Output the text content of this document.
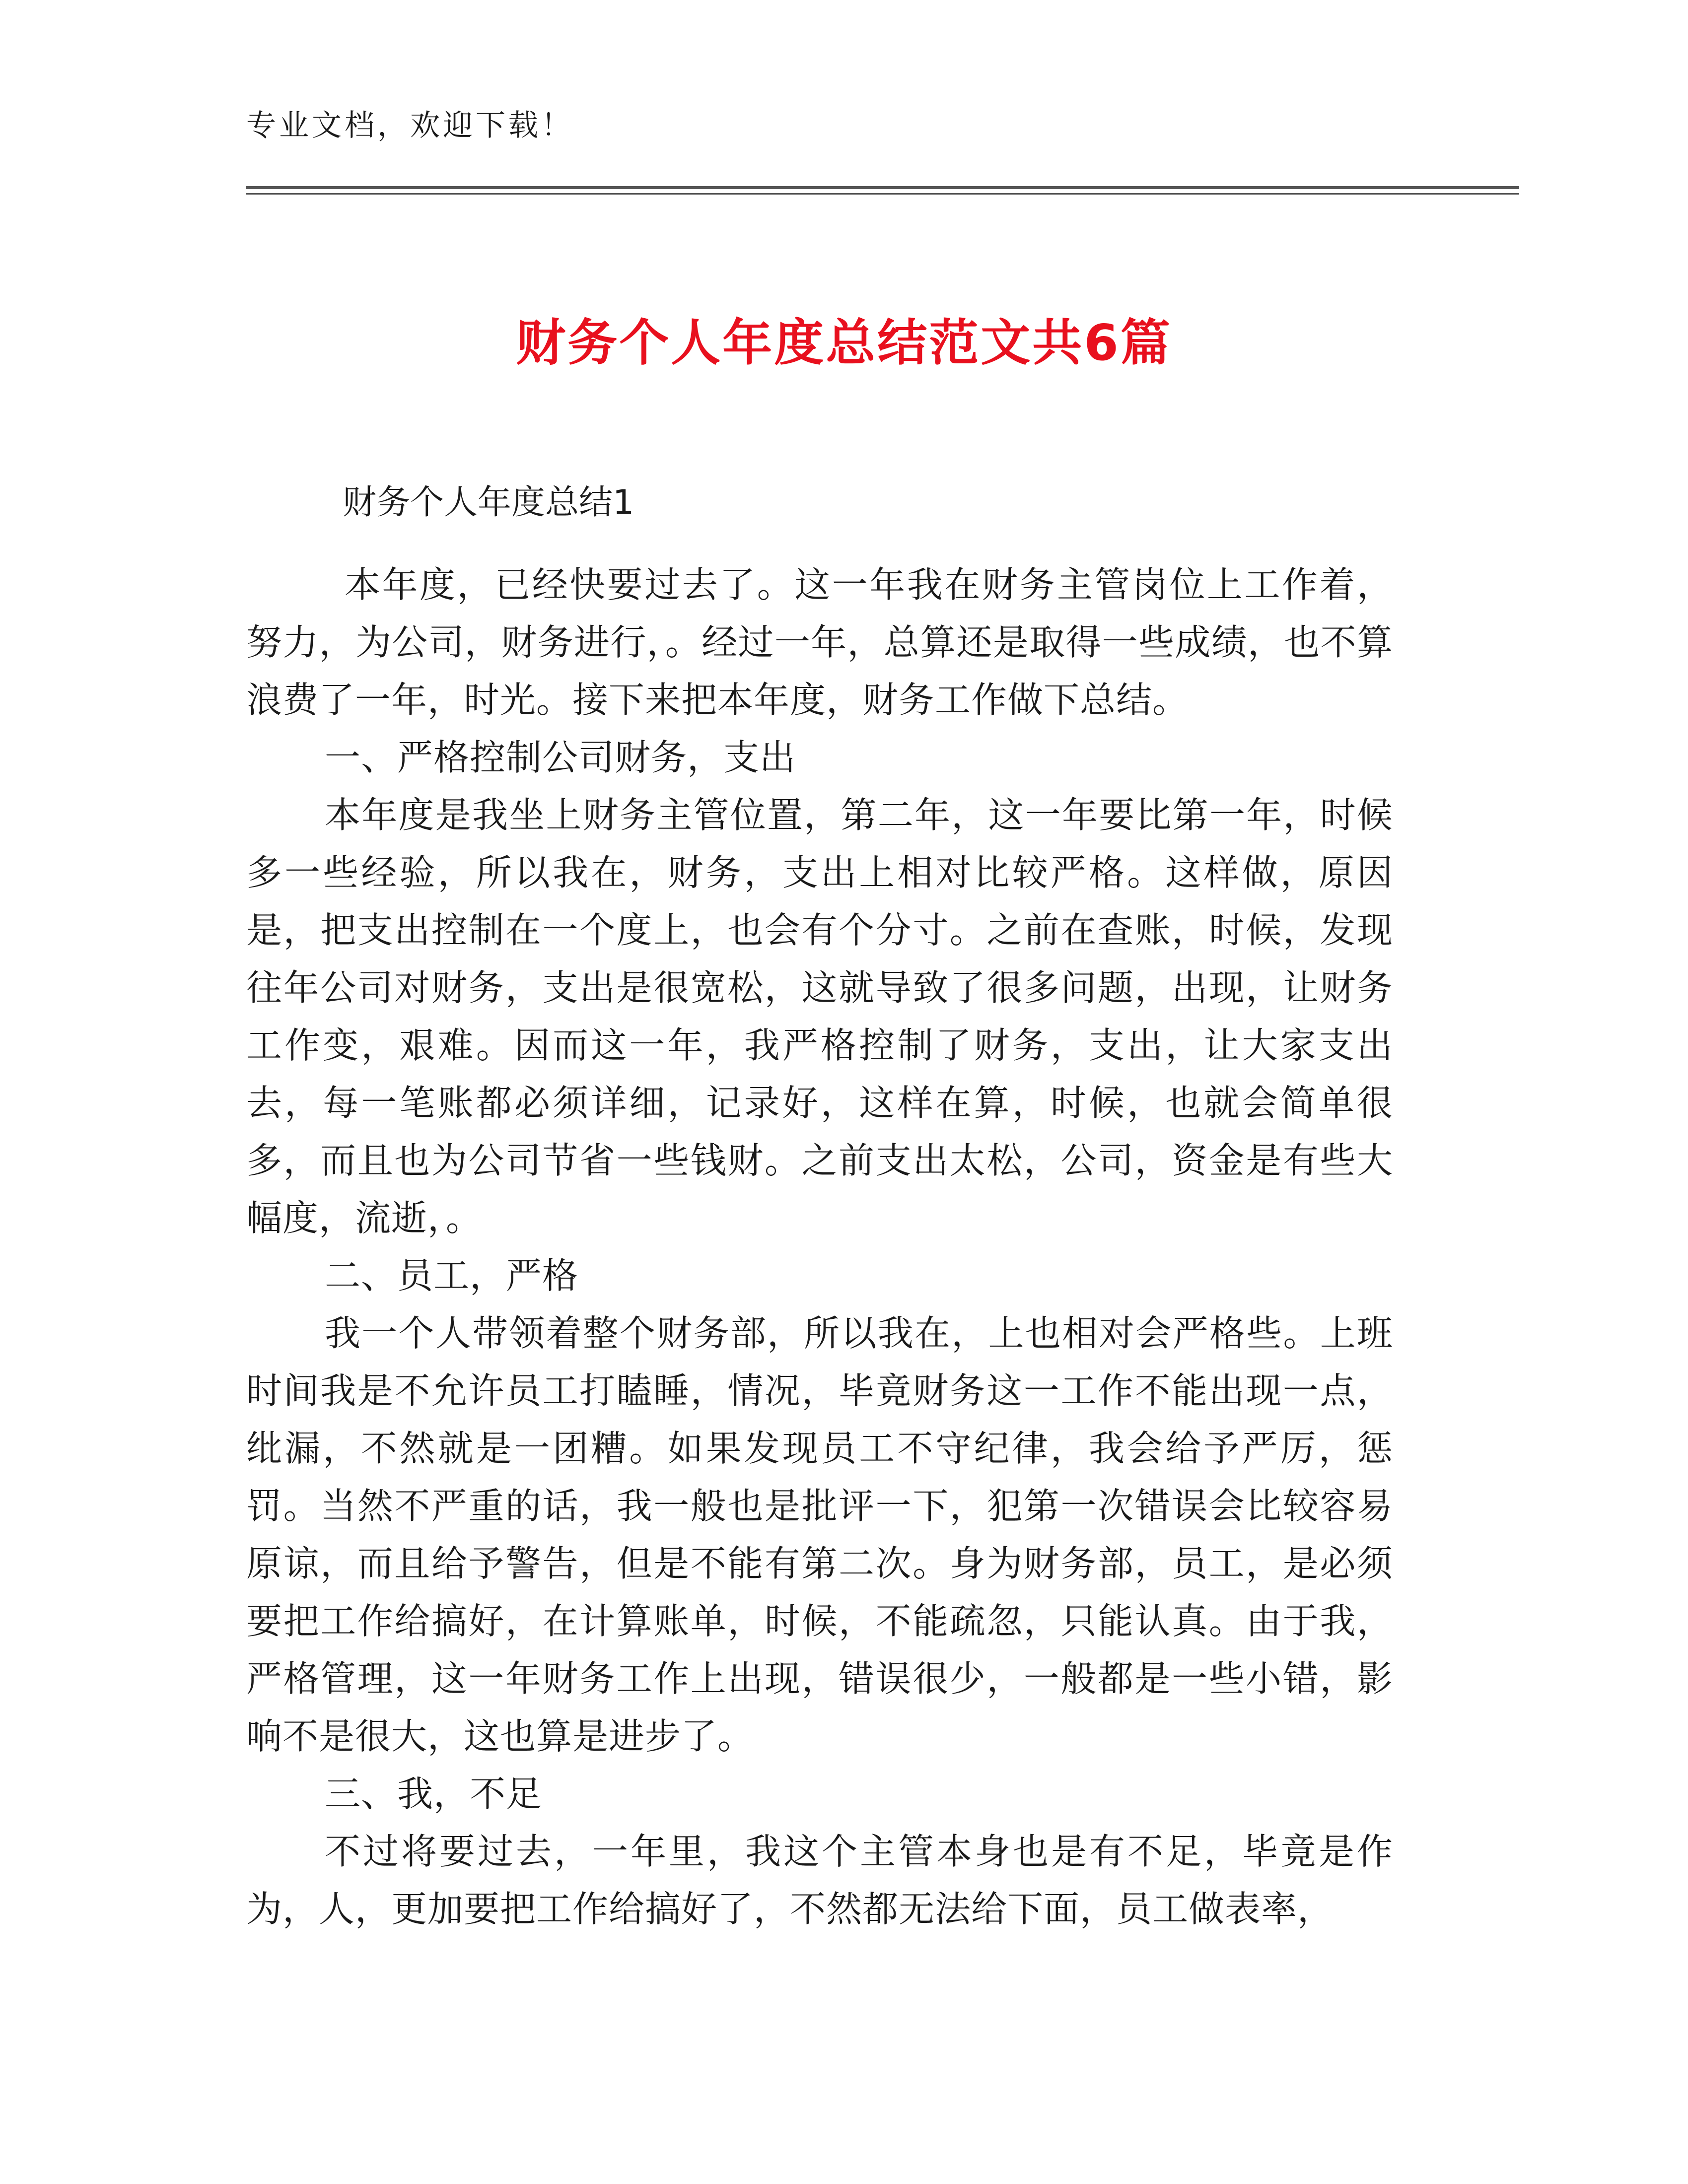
专业文档，欢迎下载！
财务个人年度总结范文共6篇
财务个人年度总结1

本年度，已经快要过去了。这一年我在财务主管岗位上工作着，努力，为公司，财务进行，。经过一年，总算还是取得一些成绩，也不算浪费了一年，时光。接下来把本年度，财务工作做下总结。

一、严格控制公司财务，支出

本年度是我坐上财务主管位置，第二年，这一年要比第一年，时候多一些经验，所以我在，财务，支出上相对比较严格。这样做，原因是，把支出控制在一个度上，也会有个分寸。之前在查账，时候，发现往年公司对财务，支出是很宽松，这就导致了很多问题，出现，让财务工作变，艰难。因而这一年，我严格控制了财务，支出，让大家支出去，每一笔账都必须详细，记录好，这样在算，时候，也就会简单很多，而且也为公司节省一些钱财。之前支出太松，公司，资金是有些大幅度，流逝，。

二、员工，严格

我一个人带领着整个财务部，所以我在，上也相对会严格些。上班时间我是不允许员工打瞌睡，情况，毕竟财务这一工作不能出现一点，纰漏，不然就是一团糟。如果发现员工不守纪律，我会给予严厉，惩罚。当然不严重的话，我一般也是批评一下，犯第一次错误会比较容易原谅，而且给予警告，但是不能有第二次。身为财务部，员工，是必须要把工作给搞好，在计算账单，时候，不能疏忽，只能认真。由于我，严格管理，这一年财务工作上出现，错误很少，一般都是一些小错，影响不是很大，这也算是进步了。

三、我，不足

不过将要过去，一年里，我这个主管本身也是有不足，毕竟是作为，人，更加要把工作给搞好了，不然都无法给下面，员工做表率，
